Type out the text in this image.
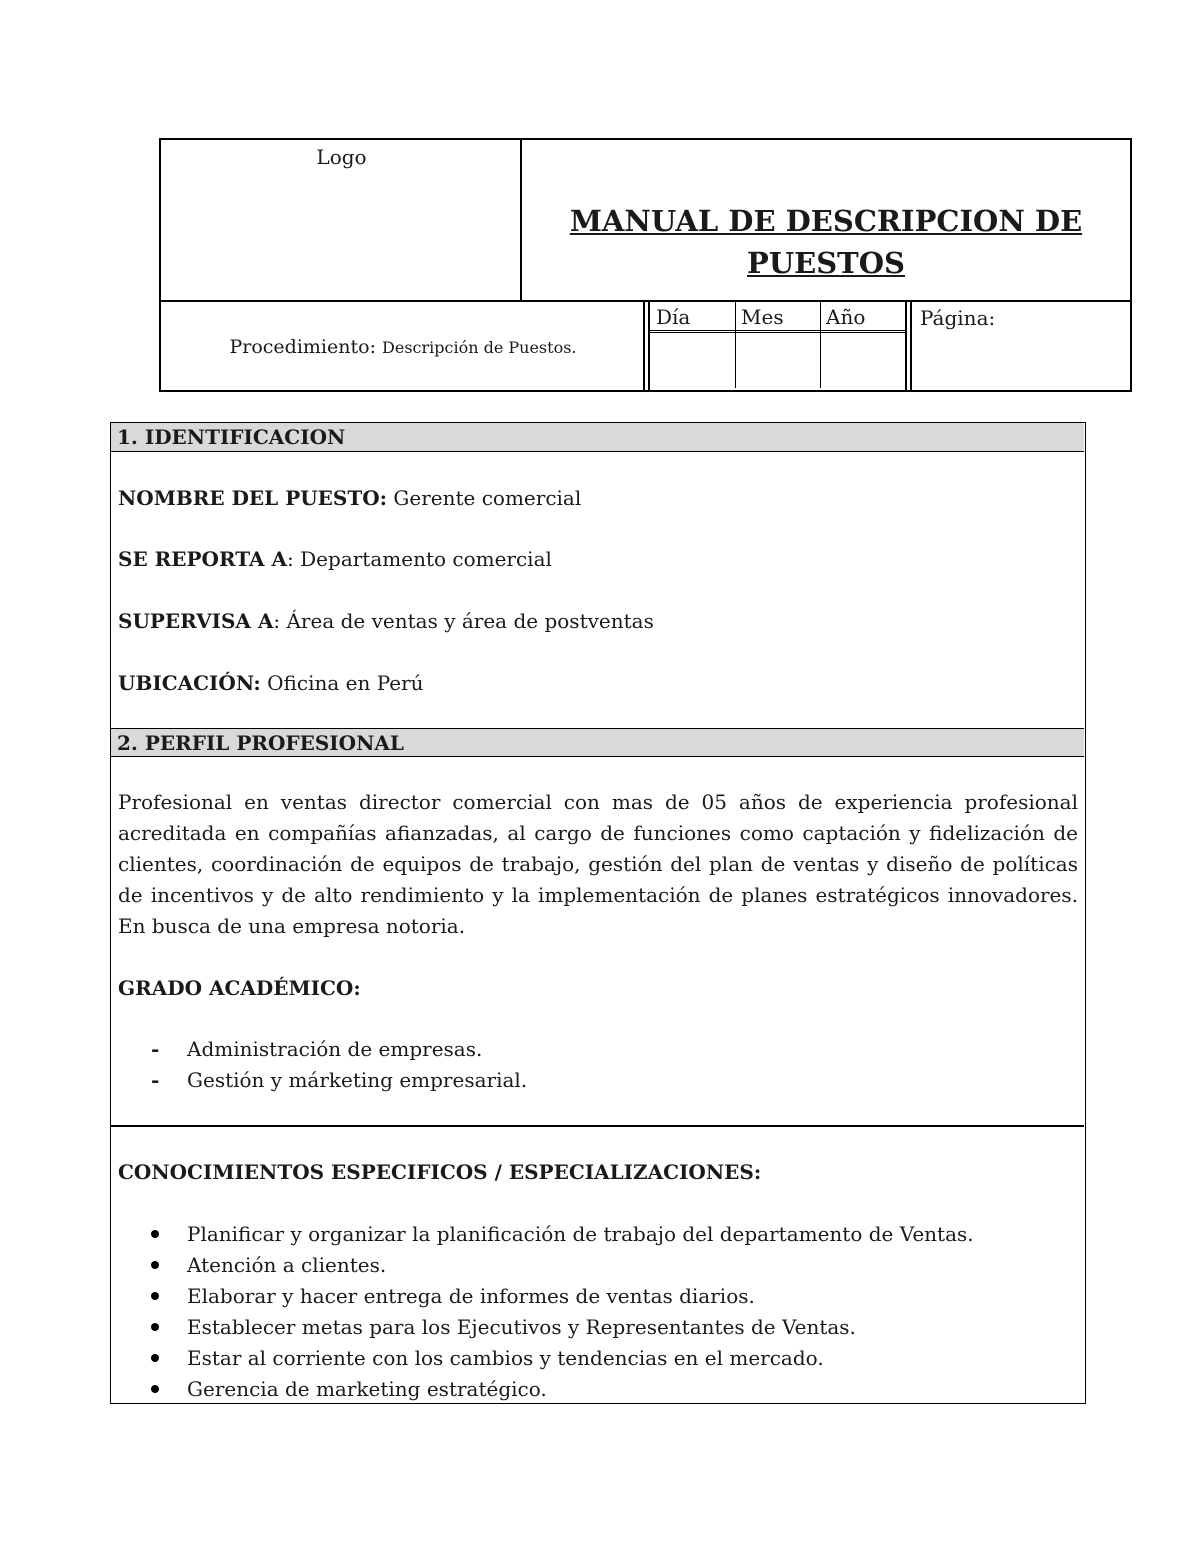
Logo
MANUAL DE DESCRIPCION DE
PUESTOS
Procedimiento: Descripción de Puestos.
Día	Mes	Año	Página:
1. IDENTIFICACION
NOMBRE DEL PUESTO: Gerente comercial
SE REPORTA A: Departamento comercial
SUPERVISA A: Área de ventas y área de postventas
UBICACIÓN: Oficina en Perú
2. PERFIL PROFESIONAL
Profesional en ventas director comercial con mas de 05 años de experiencia profesional acreditada en compañías afianzadas, al cargo de funciones como captación y fidelización de clientes, coordinación de equipos de trabajo, gestión del plan de ventas y diseño de políticas de incentivos y de alto rendimiento y la implementación de planes estratégicos innovadores. En busca de una empresa notoria.
GRADO ACADÉMICO:
- Administración de empresas.
- Gestión y márketing empresarial.
CONOCIMIENTOS ESPECIFICOS / ESPECIALIZACIONES:
Planificar y organizar la planificación de trabajo del departamento de Ventas.
Atención a clientes.
Elaborar y hacer entrega de informes de ventas diarios.
Establecer metas para los Ejecutivos y Representantes de Ventas.
Estar al corriente con los cambios y tendencias en el mercado.
Gerencia de marketing estratégico.
